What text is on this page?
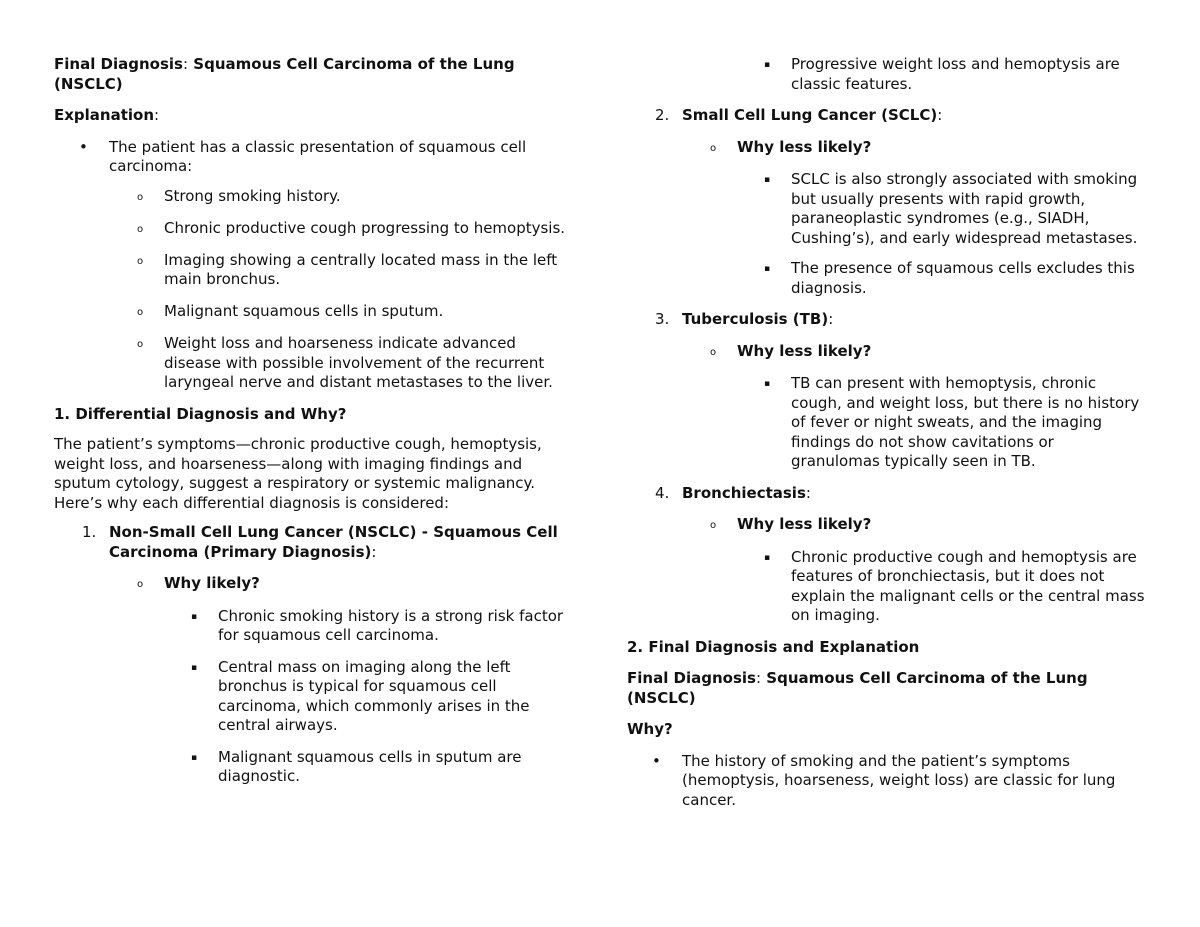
Final Diagnosis: Squamous Cell Carcinoma of the Lung (NSCLC)

Explanation:

• The patient has a classic presentation of squamous cell carcinoma:
o Strong smoking history.
o Chronic productive cough progressing to hemoptysis.
o Imaging showing a centrally located mass in the left main bronchus.
o Malignant squamous cells in sputum.
o Weight loss and hoarseness indicate advanced disease with possible involvement of the recurrent laryngeal nerve and distant metastases to the liver.

1. Differential Diagnosis and Why?

The patient’s symptoms—chronic productive cough, hemoptysis, weight loss, and hoarseness—along with imaging findings and sputum cytology, suggest a respiratory or systemic malignancy. Here’s why each differential diagnosis is considered:

1. Non-Small Cell Lung Cancer (NSCLC) - Squamous Cell Carcinoma (Primary Diagnosis):
o Why likely?
▪ Chronic smoking history is a strong risk factor for squamous cell carcinoma.
▪ Central mass on imaging along the left bronchus is typical for squamous cell carcinoma, which commonly arises in the central airways.
▪ Malignant squamous cells in sputum are diagnostic.
▪ Progressive weight loss and hemoptysis are classic features.
2. Small Cell Lung Cancer (SCLC):
o Why less likely?
▪ SCLC is also strongly associated with smoking but usually presents with rapid growth, paraneoplastic syndromes (e.g., SIADH, Cushing’s), and early widespread metastases.
▪ The presence of squamous cells excludes this diagnosis.
3. Tuberculosis (TB):
o Why less likely?
▪ TB can present with hemoptysis, chronic cough, and weight loss, but there is no history of fever or night sweats, and the imaging findings do not show cavitations or granulomas typically seen in TB.
4. Bronchiectasis:
o Why less likely?
▪ Chronic productive cough and hemoptysis are features of bronchiectasis, but it does not explain the malignant cells or the central mass on imaging.

2. Final Diagnosis and Explanation

Final Diagnosis: Squamous Cell Carcinoma of the Lung (NSCLC)

Why?

• The history of smoking and the patient’s symptoms (hemoptysis, hoarseness, weight loss) are classic for lung cancer.
